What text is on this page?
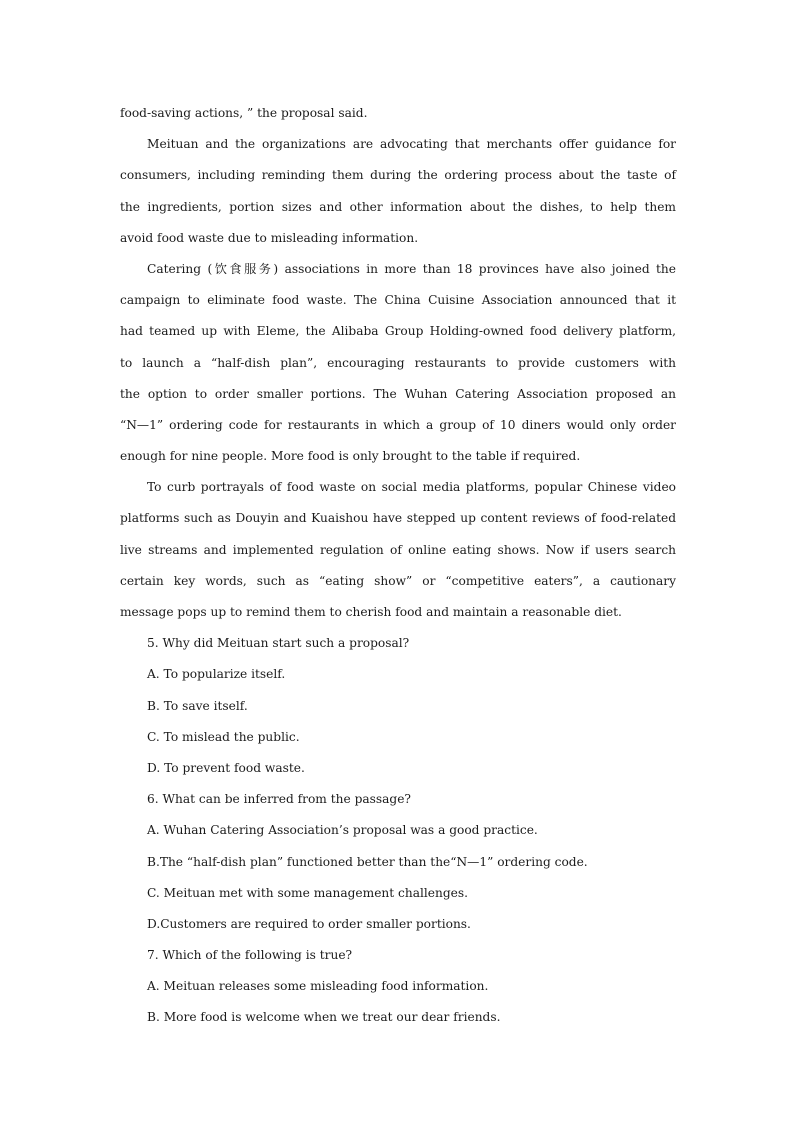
food-saving actions, ” the proposal said.
Meituan and the organizations are advocating that merchants offer guidance for
consumers, including reminding them during the ordering process about the taste of
the ingredients, portion sizes and other information about the dishes, to help them
avoid food waste due to misleading information.
Catering (饮食服务) associations in more than 18 provinces have also joined the
campaign to eliminate food waste. The China Cuisine Association announced that it
had teamed up with Eleme, the Alibaba Group Holding-owned food delivery platform,
to launch a “half-dish plan”, encouraging restaurants to provide customers with
the option to order smaller portions. The Wuhan Catering Association proposed an
“N—1” ordering code for restaurants in which a group of 10 diners would only order
enough for nine people. More food is only brought to the table if required.
To curb portrayals of food waste on social media platforms, popular Chinese video
platforms such as Douyin and Kuaishou have stepped up content reviews of food-related
live streams and implemented regulation of online eating shows. Now if users search
certain key words, such as “eating show” or “competitive eaters”, a cautionary
message pops up to remind them to cherish food and maintain a reasonable diet.
5. Why did Meituan start such a proposal?
A. To popularize itself.
B. To save itself.
C. To mislead the public.
D. To prevent food waste.
6. What can be inferred from the passage?
A. Wuhan Catering Association’s proposal was a good practice.
B.The “half-dish plan” functioned better than the“N—1” ordering code.
C. Meituan met with some management challenges.
D.Customers are required to order smaller portions.
7. Which of the following is true?
A. Meituan releases some misleading food information.
B. More food is welcome when we treat our dear friends.
